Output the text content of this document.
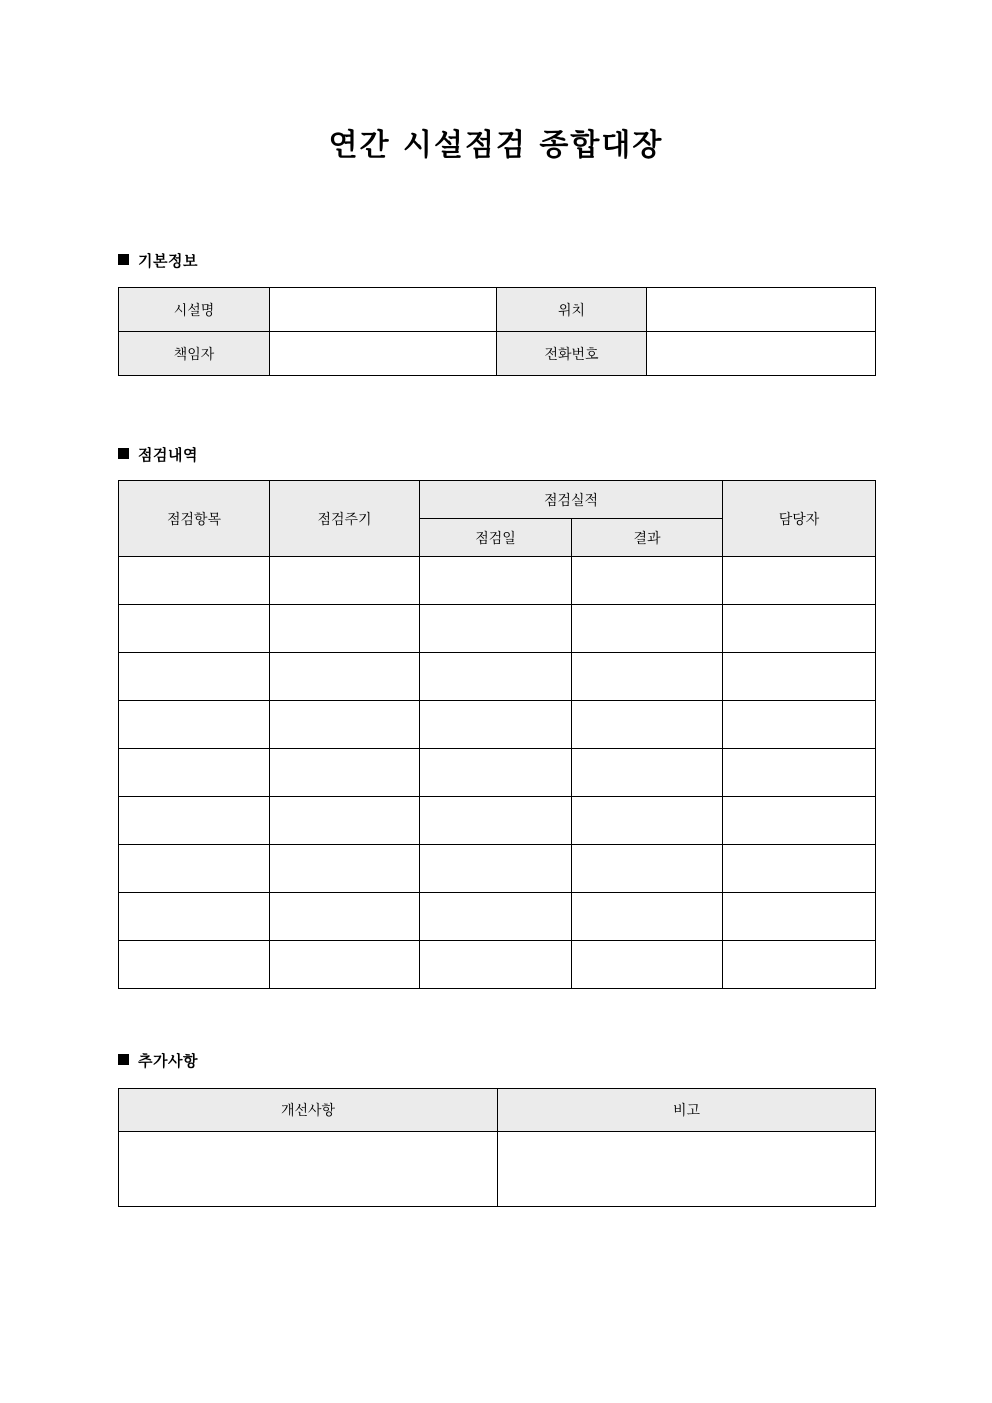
연간 시설점검 종합대장
기본정보
시설명		위치	
책임자		전화번호	
점검내역
점검항목	점검주기	점검실적		담당자
		점검일	결과	

추가사항
개선사항	비고
